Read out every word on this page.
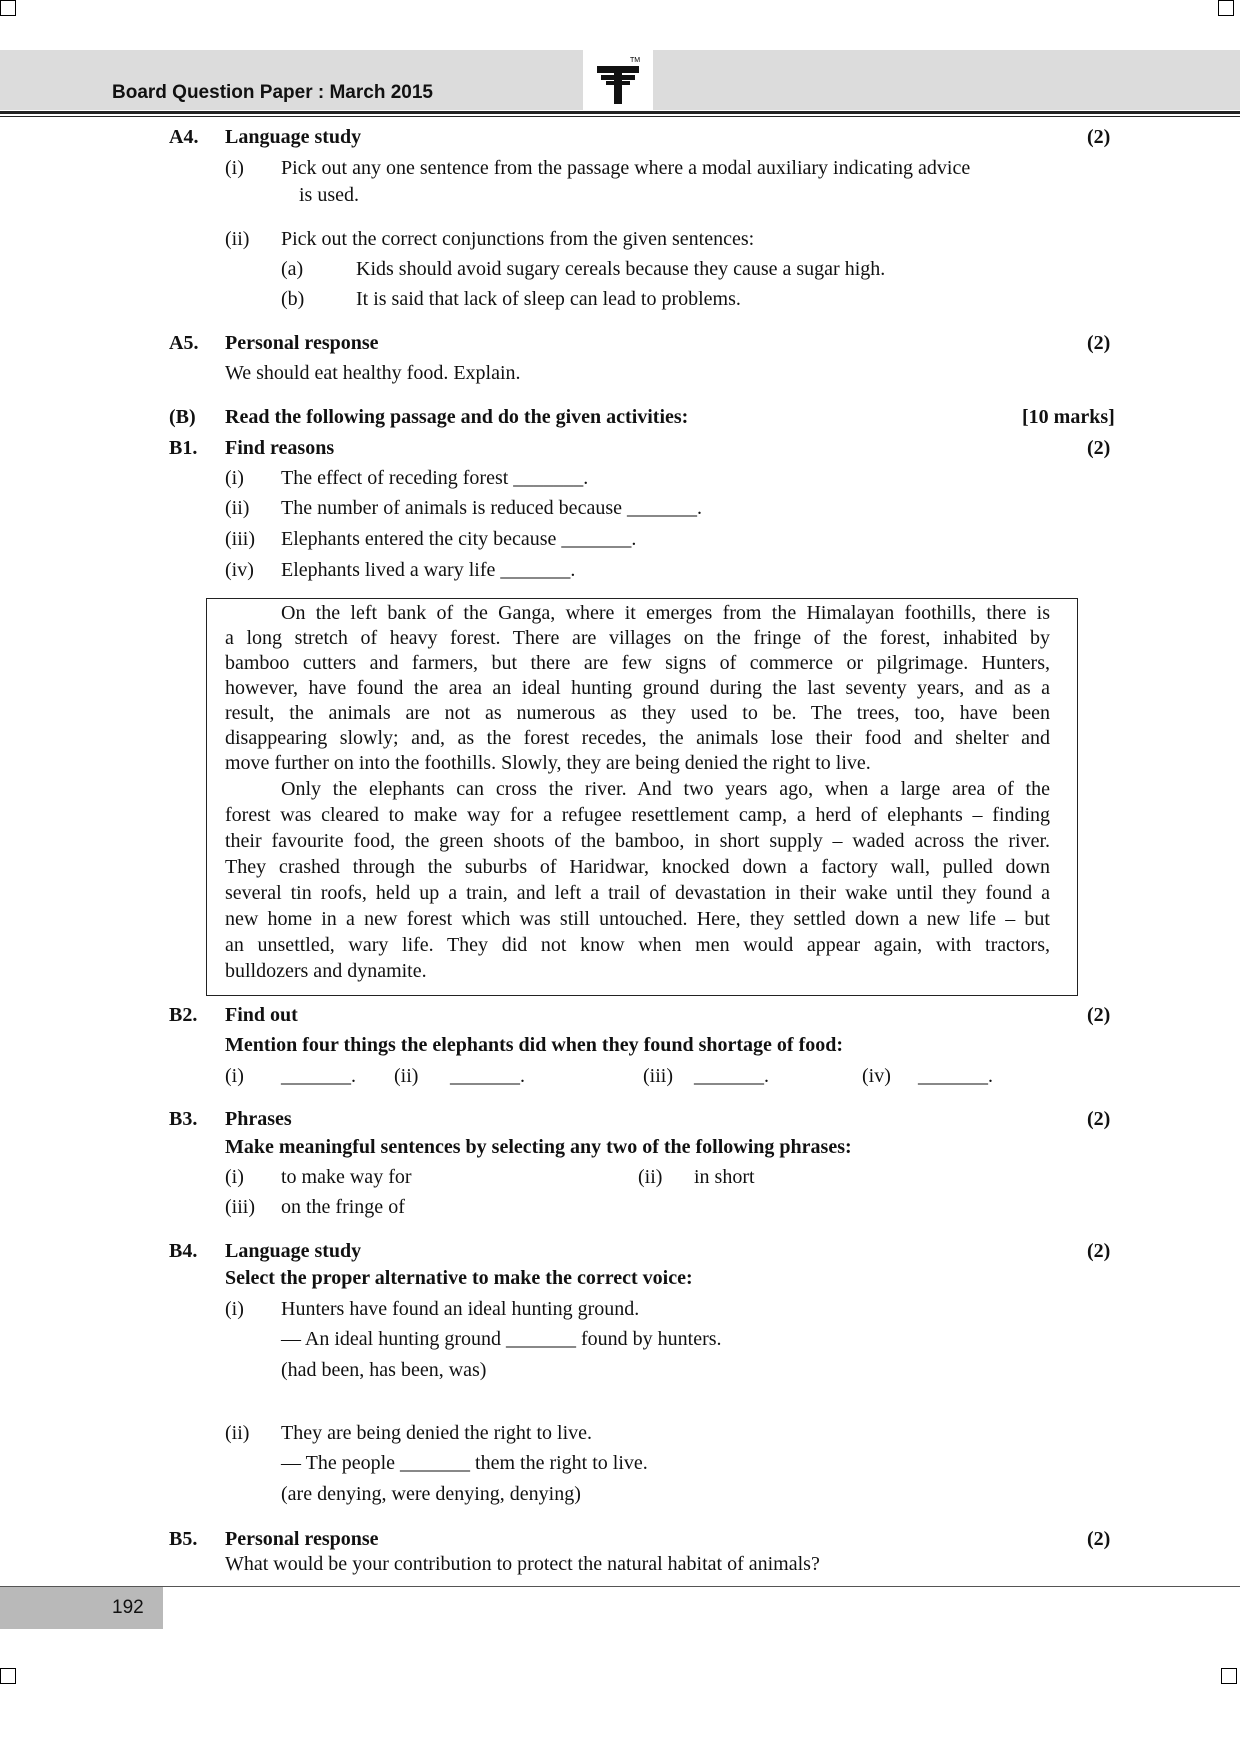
Board Question Paper : March 2015
TM
A4. Language study	(2)
(i) Pick out any one sentence from the passage where a modal auxiliary indicating advice
is used.
(ii) Pick out the correct conjunctions from the given sentences:
(a)	Kids should avoid sugary cereals because they cause a sugar high.
(b)	It is said that lack of sleep can lead to problems.
A5. Personal response	(2)
We should eat healthy food. Explain.
(B) Read the following passage and do the given activities:	[10 marks]
B1. Find reasons	(2)
(i) The effect of receding forest _______.
(ii) The number of animals is reduced because _______.
(iii) Elephants entered the city because _______.
(iv) Elephants lived a wary life _______.
On the left bank of the Ganga, where it emerges from the Himalayan foothills, there is
a long stretch of heavy forest. There are villages on the fringe of the forest, inhabited by
bamboo cutters and farmers, but there are few signs of commerce or pilgrimage. Hunters,
however, have found the area an ideal hunting ground during the last seventy years, and as a
result, the animals are not as numerous as they used to be. The trees, too, have been
disappearing slowly; and, as the forest recedes, the animals lose their food and shelter and
move further on into the foothills. Slowly, they are being denied the right to live.
Only the elephants can cross the river. And two years ago, when a large area of the
forest was cleared to make way for a refugee resettlement camp, a herd of elephants – finding
their favourite food, the green shoots of the bamboo, in short supply – waded across the river.
They crashed through the suburbs of Haridwar, knocked down a factory wall, pulled down
several tin roofs, held up a train, and left a trail of devastation in their wake until they found a
new home in a new forest which was still untouched. Here, they settled down a new life – but
an unsettled, wary life. They did not know when men would appear again, with tractors,
bulldozers and dynamite.
B2. Find out	(2)
Mention four things the elephants did when they found shortage of food:
(i) _______. (ii) _______.	(iii) _______.	(iv) _______.
B3. Phrases	(2)
Make meaningful sentences by selecting any two of the following phrases:
(i) to make way for	(ii) in short
(iii) on the fringe of
B4. Language study	(2)
Select the proper alternative to make the correct voice:
(i) Hunters have found an ideal hunting ground.
— An ideal hunting ground _______ found by hunters.
(had been, has been, was)
(ii) They are being denied the right to live.
— The people _______ them the right to live.
(are denying, were denying, denying)
B5. Personal response	(2)
What would be your contribution to protect the natural habitat of animals?
192
